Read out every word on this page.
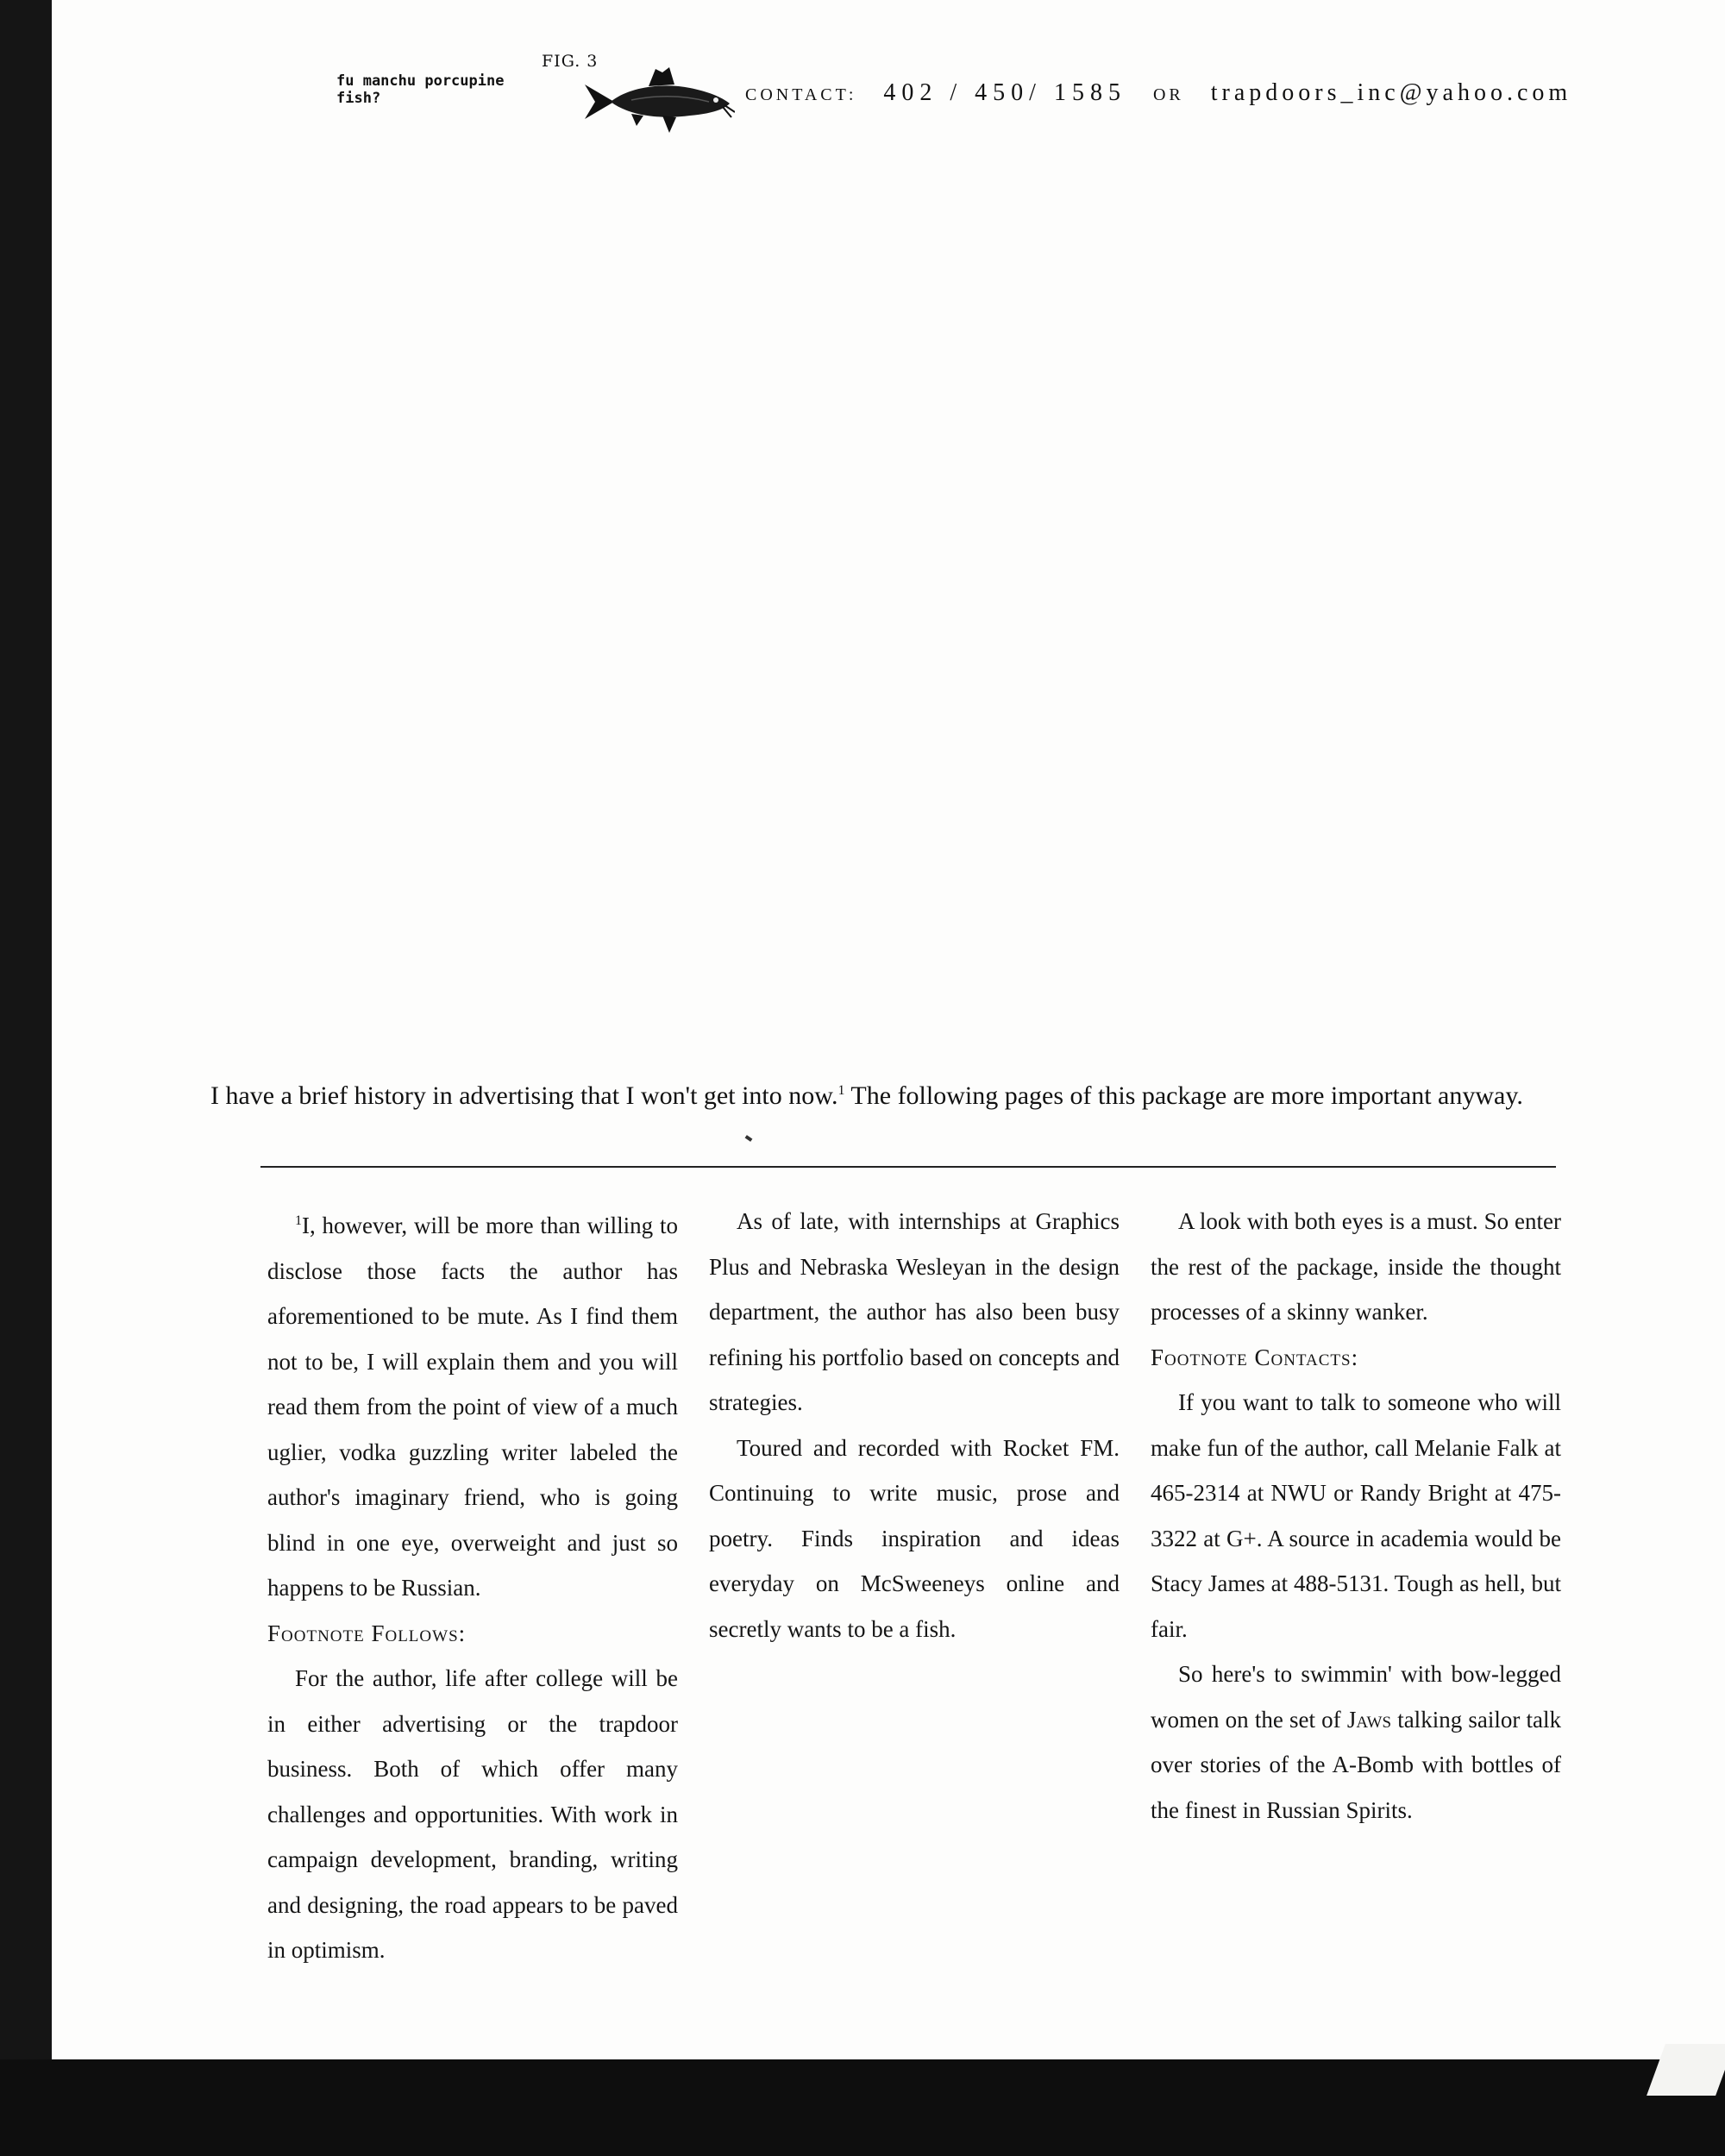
FIG. 3
fu manchu porcupine
fish?	CONTACT: 402 / 450/ 1585 OR trapdoors_inc@yahoo.com
I have a brief history in advertising that I won't get into now.$^1$ The following pages of this package are more important anyway.

$^1$I, however, will be more than willing to disclose those facts the author has aforementioned to be mute. As I find them not to be, I will explain them and you will read them from the point of view of a much uglier, vodka guzzling writer labeled the author's imaginary friend, who is going blind in one eye, overweight and just so happens to be Russian.

Footnote Follows:

For the author, life after college will be in either advertising or the trapdoor business. Both of which offer many challenges and opportunities. With work in campaign development, branding, writing and designing, the road appears to be paved in optimism.

As of late, with internships at Graphics Plus and Nebraska Wesleyan in the design department, the author has also been busy refining his portfolio based on concepts and strategies.

Toured and recorded with Rocket FM. Continuing to write music, prose and poetry. Finds inspiration and ideas everyday on McSweeneys online and secretly wants to be a fish.

A look with both eyes is a must. So enter the rest of the package, inside the thought processes of a skinny wanker.

Footnote Contacts:

If you want to talk to someone who will make fun of the author, call Melanie Falk at 465-2314 at NWU or Randy Bright at 475-3322 at G+. A source in academia would be Stacy James at 488-5131. Tough as hell, but fair.

So here's to swimmin' with bow-legged women on the set of Jaws talking sailor talk over stories of the A-Bomb with bottles of the finest in Russian Spirits.
